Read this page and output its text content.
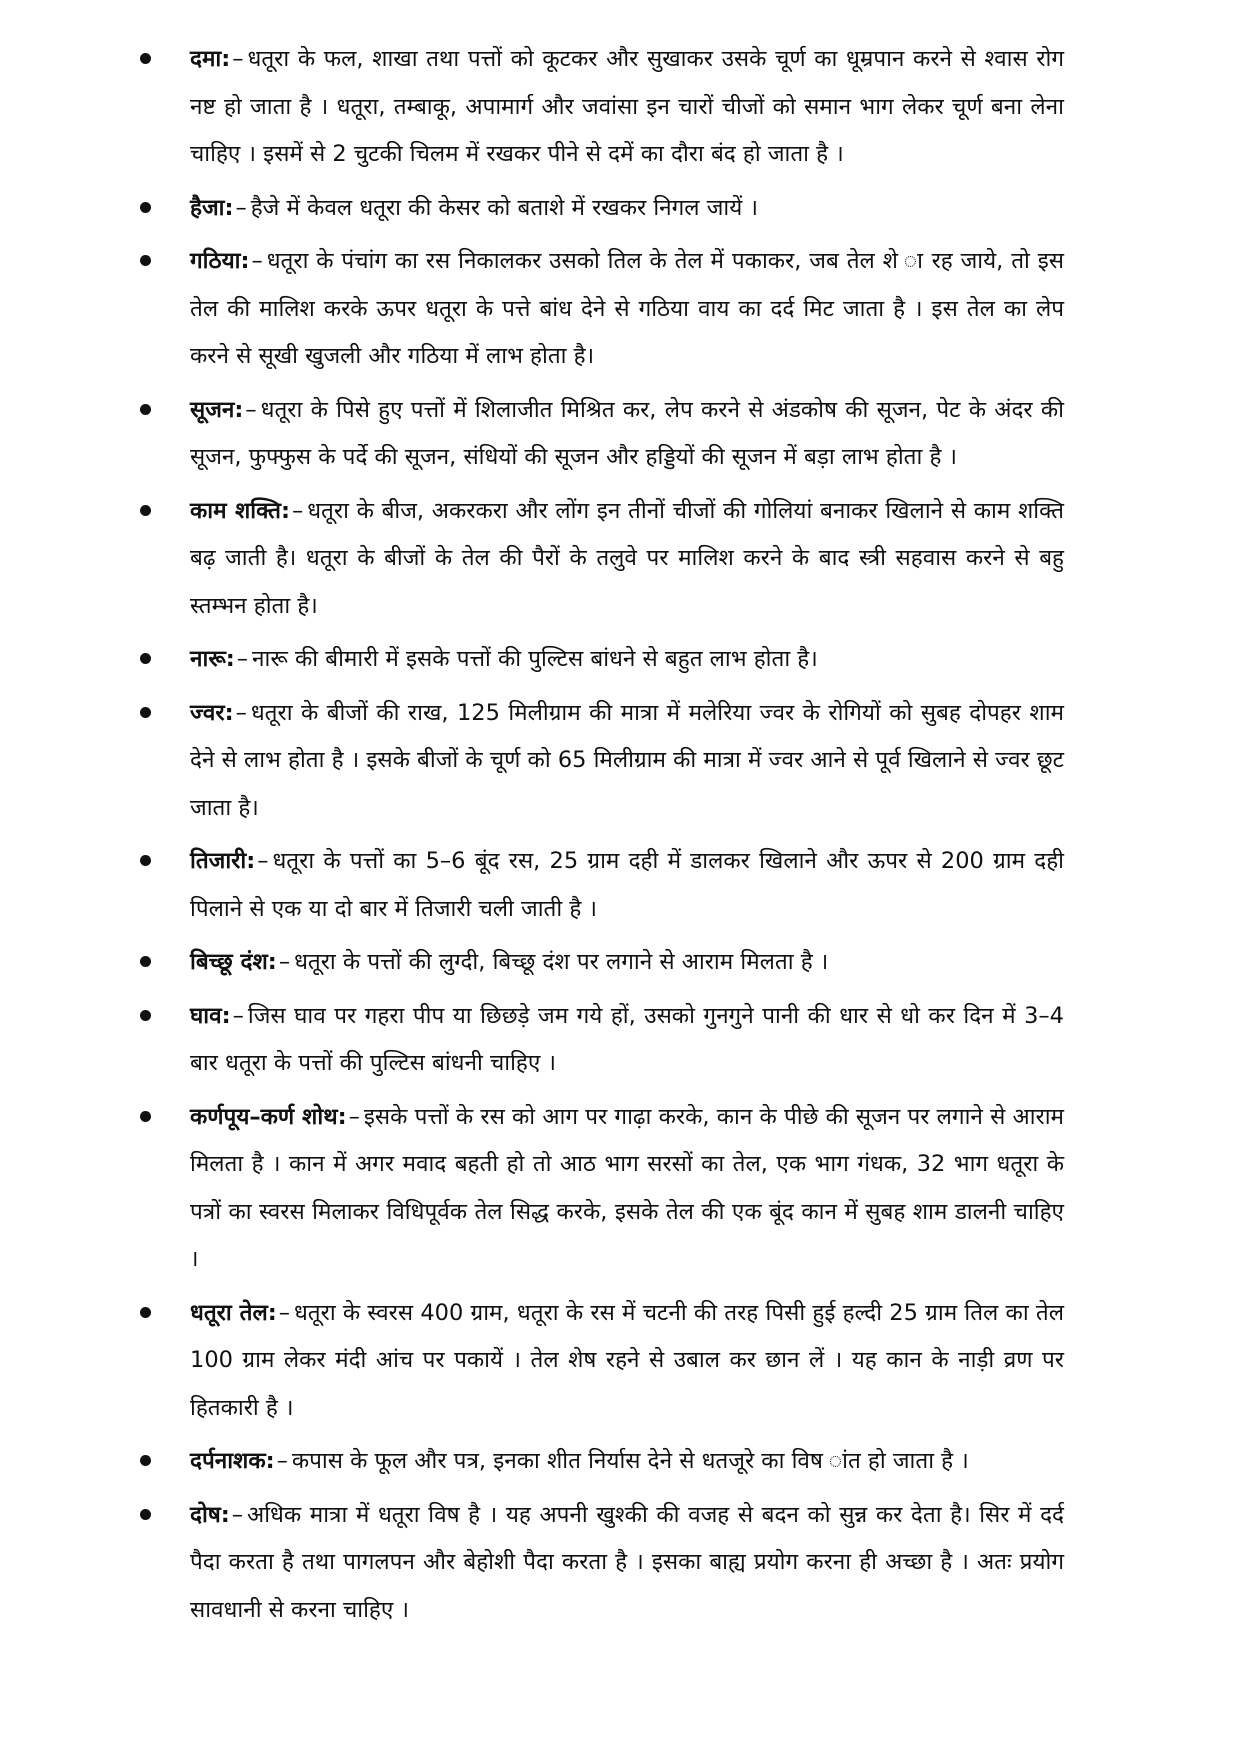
दमा:– धतूरा के फल, शाखा तथा पत्तों को कूटकर और सुखाकर उसके चूर्ण का धूम्रपान करने से श्वास रोग नष्ट हो जाता है । धतूरा, तम्बाकू, अपामार्ग और जवांसा इन चारों चीजों को समान भाग लेकर चूर्ण बना लेना चाहिए । इसमें से 2 चुटकी चिलम में रखकर पीने से दमें का दौरा बंद हो जाता है ।
हैजा:– हैजे में केवल धतूरा की केसर को बताशे में रखकर निगल जायें ।
गठिया:– धतूरा के पंचांग का रस निकालकर उसको तिल के तेल में पकाकर, जब तेल शे ा रह जाये, तो इस तेल की मालिश करके ऊपर धतूरा के पत्ते बांध देने से गठिया वाय का दर्द मिट जाता है । इस तेल का लेप करने से सूखी खुजली और गठिया में लाभ होता है।
सूजन:– धतूरा के पिसे हुए पत्तों में शिलाजीत मिश्रित कर, लेप करने से अंडकोष की सूजन, पेट के अंदर की सूजन, फुफ्फुस के पर्दे की सूजन, संधियों की सूजन और हड्डियों की सूजन में बड़ा लाभ होता है ।
काम शक्ति:– धतूरा के बीज, अकरकरा और लोंग इन तीनों चीजों की गोलियां बनाकर खिलाने से काम शक्ति बढ़ जाती है। धतूरा के बीजों के तेल की पैरों के तलुवे पर मालिश करने के बाद स्त्री सहवास करने से बहु स्तम्भन होता है।
नारू:– नारू की बीमारी में इसके पत्तों की पुल्टिस बांधने से बहुत लाभ होता है।
ज्वर:– धतूरा के बीजों की राख, 125 मिलीग्राम की मात्रा में मलेरिया ज्वर के रोगियों को सुबह दोपहर शाम देने से लाभ होता है । इसके बीजों के चूर्ण को 65 मिलीग्राम की मात्रा में ज्वर आने से पूर्व खिलाने से ज्वर छूट जाता है।
तिजारी:– धतूरा के पत्तों का 5–6 बूंद रस, 25 ग्राम दही में डालकर खिलाने और ऊपर से 200 ग्राम दही पिलाने से एक या दो बार में तिजारी चली जाती है ।
बिच्छू दंश:– धतूरा के पत्तों की लुग्दी, बिच्छू दंश पर लगाने से आराम मिलता है ।
घाव:– जिस घाव पर गहरा पीप या छिछड़े जम गये हों, उसको गुनगुने पानी की धार से धो कर दिन में 3–4 बार धतूरा के पत्तों की पुल्टिस बांधनी चाहिए ।
कर्णपूय–कर्ण शोथ:– इसके पत्तों के रस को आग पर गाढ़ा करके, कान के पीछे की सूजन पर लगाने से आराम मिलता है । कान में अगर मवाद बहती हो तो आठ भाग सरसों का तेल, एक भाग गंधक, 32 भाग धतूरा के पत्रों का स्वरस मिलाकर विधिपूर्वक तेल सिद्ध करके, इसके तेल की एक बूंद कान में सुबह शाम डालनी चाहिए ।
धतूरा तेल:– धतूरा के स्वरस 400 ग्राम, धतूरा के रस में चटनी की तरह पिसी हुई हल्दी 25 ग्राम तिल का तेल 100 ग्राम लेकर मंदी आंच पर पकायें । तेल शेष रहने से उबाल कर छान लें । यह कान के नाड़ी व्रण पर हितकारी है ।
दर्पनाशक:– कपास के फूल और पत्र, इनका शीत निर्यास देने से धतजूरे का विष ांत हो जाता है ।
दोष:– अधिक मात्रा में धतूरा विष है । यह अपनी खुश्की की वजह से बदन को सुन्न कर देता है। सिर में दर्द पैदा करता है तथा पागलपन और बेहोशी पैदा करता है । इसका बाह्य प्रयोग करना ही अच्छा है । अतः प्रयोग सावधानी से करना चाहिए ।
